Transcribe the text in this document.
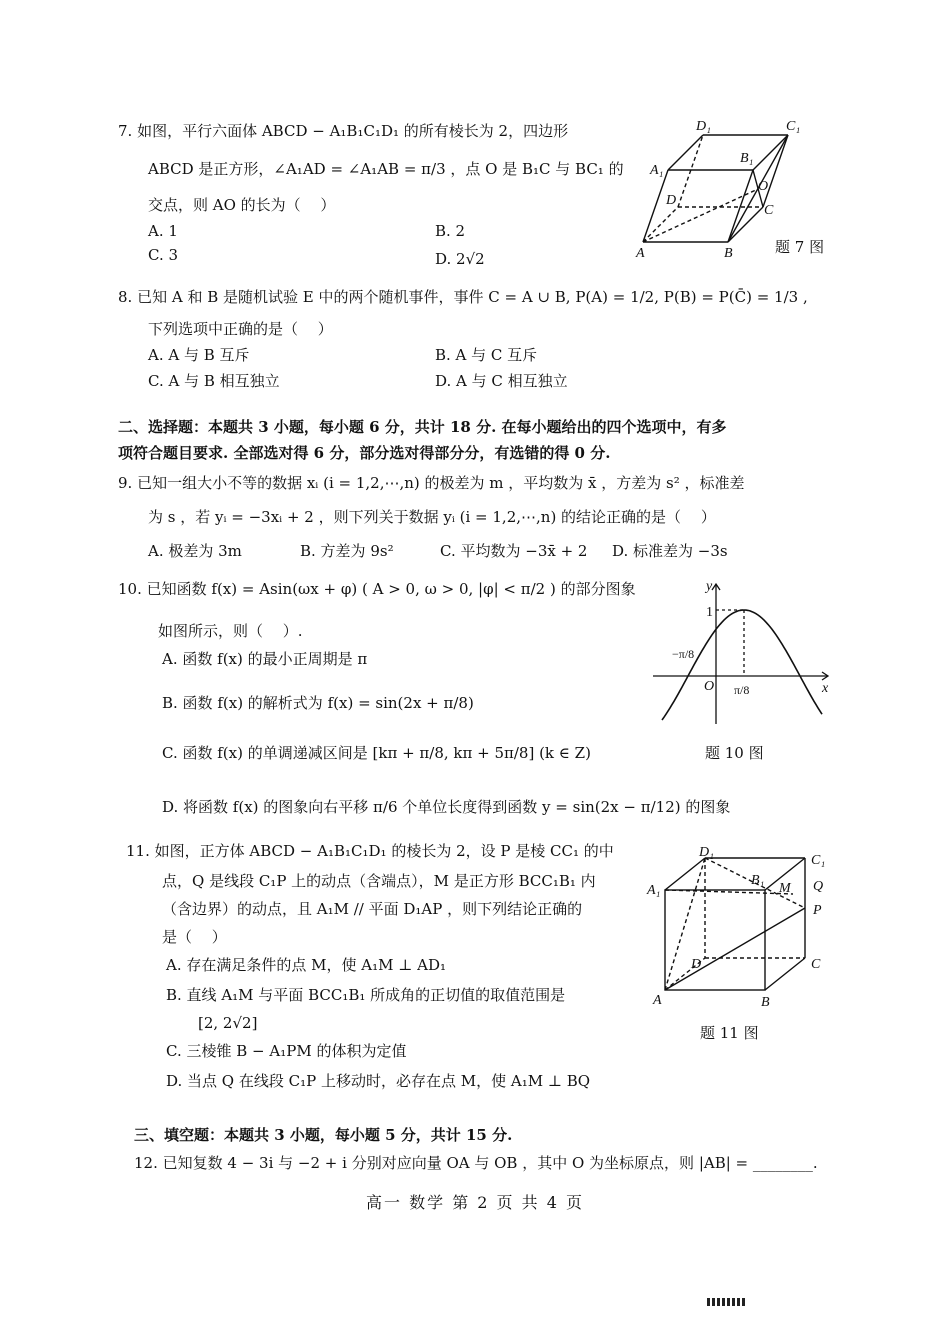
7. 如图，平行六面体 ABCD − A₁B₁C₁D₁ 的所有棱长为 2，四边形
ABCD 是正方形，∠A₁AD = ∠A₁AB = π/3 ，点 O 是 B₁C 与 BC₁ 的
交点，则 AO 的长为（　 ）
A. 1	B. 2
C. 3	D. 2√2
D₁	C₁
A₁
B₁
D
O
C
A	B	题 7 图
8. 已知 A 和 B 是随机试验 E 中的两个随机事件，事件 C = A ∪ B, P(A) = 1/2, P(B) = P(C̄) = 1/3 ,
下列选项中正确的是（　 ）
A. A 与 B 互斥	B. A 与 C 互斥
C. A 与 B 相互独立	D. A 与 C 相互独立
二、选择题：本题共 3 小题，每小题 6 分，共计 18 分. 在每小题给出的四个选项中，有多
项符合题目要求. 全部选对得 6 分，部分选对得部分分，有选错的得 0 分.
9. 已知一组大小不等的数据 xᵢ (i = 1,2,⋯,n) 的极差为 m ，平均数为 x̄ ，方差为 s² ，标准差
为 s ，若 yᵢ = −3xᵢ + 2 ，则下列关于数据 yᵢ (i = 1,2,⋯,n) 的结论正确的是（　 ）
A. 极差为 3m	B. 方差为 9s²	C. 平均数为 −3x̄ + 2 D. 标准差为 −3s
10. 已知函数 f(x) = Asin(ωx + φ) ( A > 0, ω > 0, |φ| < π/2 ) 的部分图象
如图所示，则（　 ）.
A. 函数 f(x) 的最小正周期是 π
B. 函数 f(x) 的解析式为 f(x) = sin(2x + π/8)
C. 函数 f(x) 的单调递减区间是 [kπ + π/8, kπ + 5π/8] (k ∈ Z)
D. 将函数 f(x) 的图象向右平移 π/6 个单位长度得到函数 y = sin(2x − π/12) 的图象
y
1
−π/8
O π/8	x
题 10 图
11. 如图，正方体 ABCD − A₁B₁C₁D₁ 的棱长为 2，设 P 是棱 CC₁ 的中
点，Q 是线段 C₁P 上的动点（含端点），M 是正方形 BCC₁B₁ 内
（含边界）的动点，且 A₁M // 平面 D₁AP ，则下列结论正确的
是（　 ）
A. 存在满足条件的点 M，使 A₁M ⊥ AD₁
B. 直线 A₁M 与平面 BCC₁B₁ 所成角的正切值的取值范围是
[2, 2√2]
C. 三棱锥 B − A₁PM 的体积为定值
D. 当点 Q 在线段 C₁P 上移动时，必存在点 M，使 A₁M ⊥ BQ
D₁
C₁
A₁
B₁
M Q
P
D	C
A	B
题 11 图
三、填空题：本题共 3 小题，每小题 5 分，共计 15 分.
12. 已知复数 4 − 3i 与 −2 + i 分别对应向量 OA 与 OB ，其中 O 为坐标原点，则 |AB| = ________.
高一 数学 第 2 页 共 4 页
